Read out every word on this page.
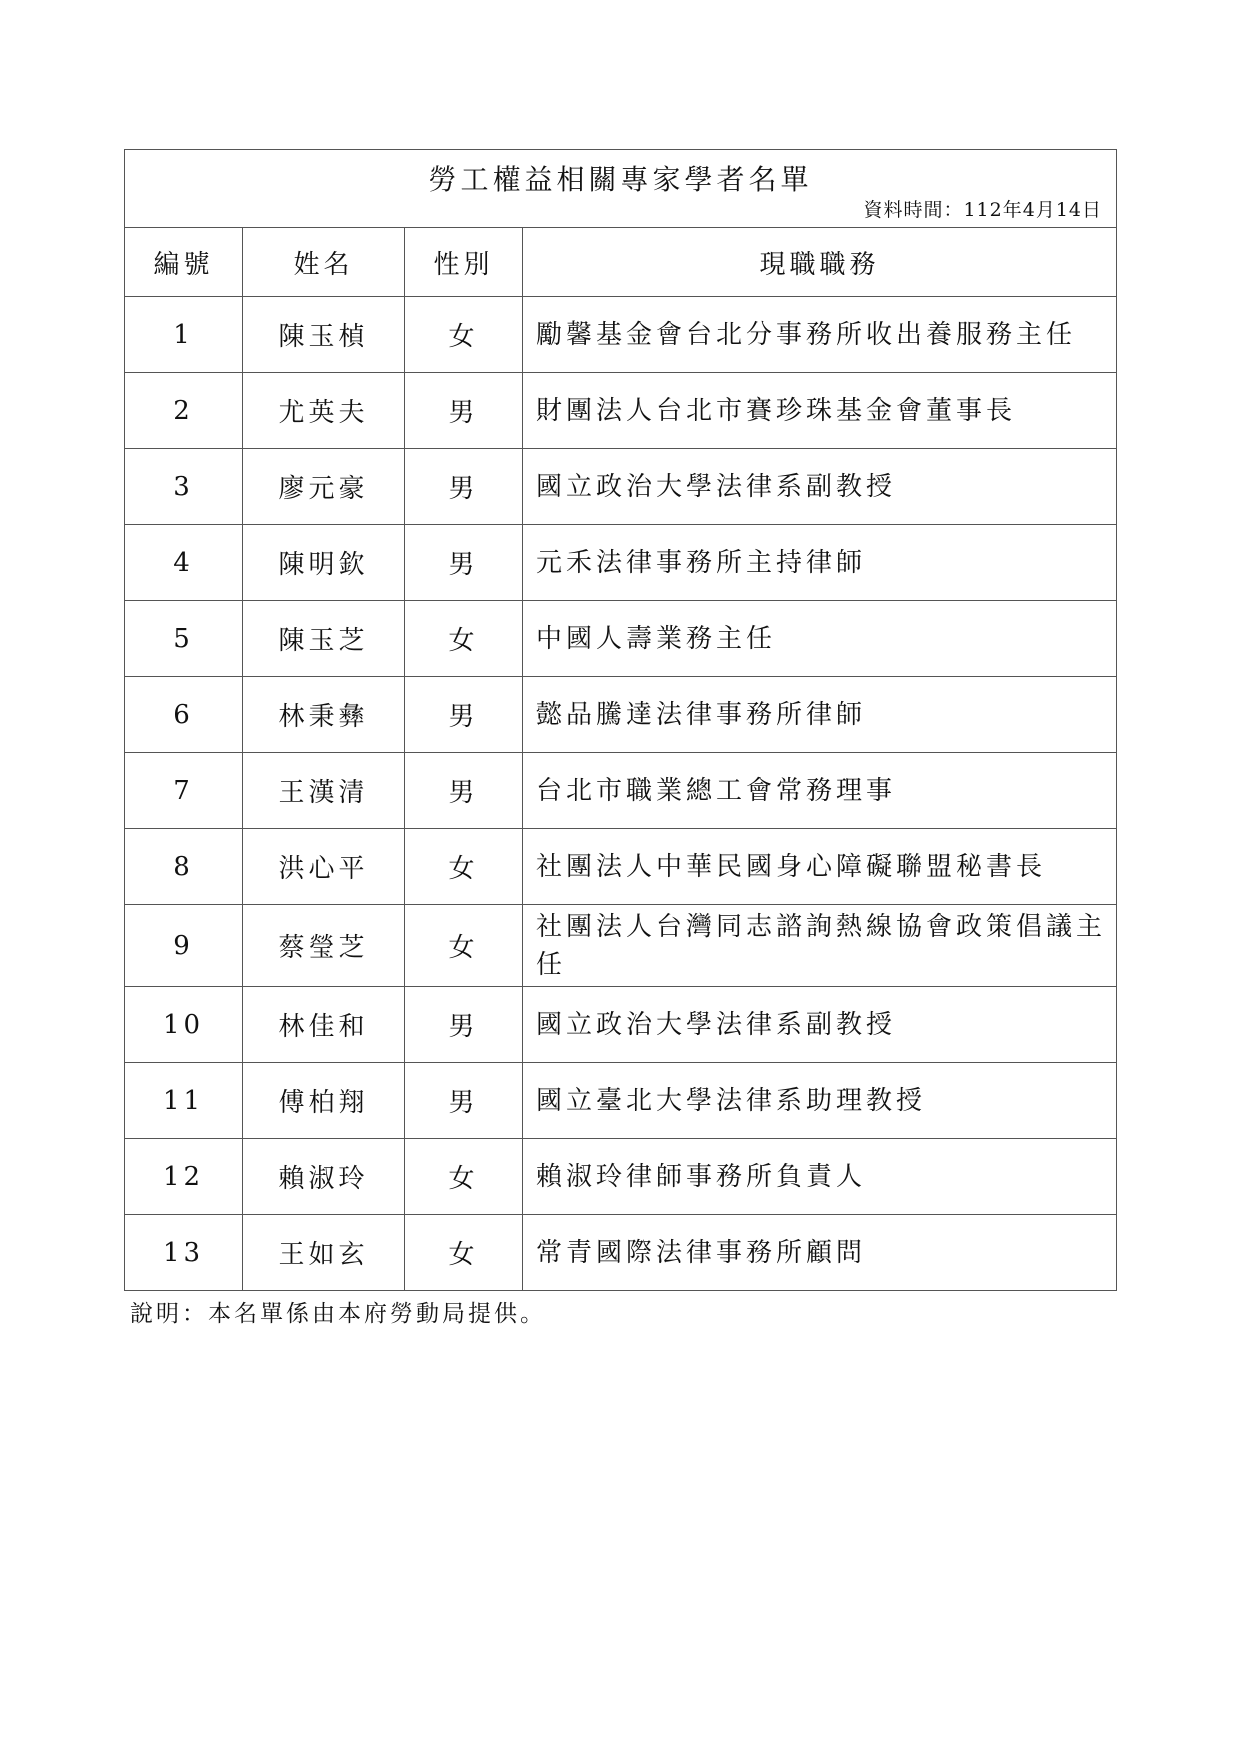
勞工權益相關專家學者名單
資料時間：112年4月14日			

編號	姓名	性別	現職職務
1	陳玉楨	女	勵馨基金會台北分事務所收出養服務主任
2	尤英夫	男	財團法人台北市賽珍珠基金會董事長
3	廖元豪	男	國立政治大學法律系副教授
4	陳明欽	男	元禾法律事務所主持律師
5	陳玉芝	女	中國人壽業務主任
6	林秉彝	男	懿品騰達法律事務所律師
7	王漢清	男	台北市職業總工會常務理事
8	洪心平	女	社團法人中華民國身心障礙聯盟秘書長
9	蔡瑩芝	女	社團法人台灣同志諮詢熱線協會政策倡議主任
10	林佳和	男	國立政治大學法律系副教授
11	傅柏翔	男	國立臺北大學法律系助理教授
12	賴淑玲	女	賴淑玲律師事務所負責人
13	王如玄	女	常青國際法律事務所顧問
說明：本名單係由本府勞動局提供。
